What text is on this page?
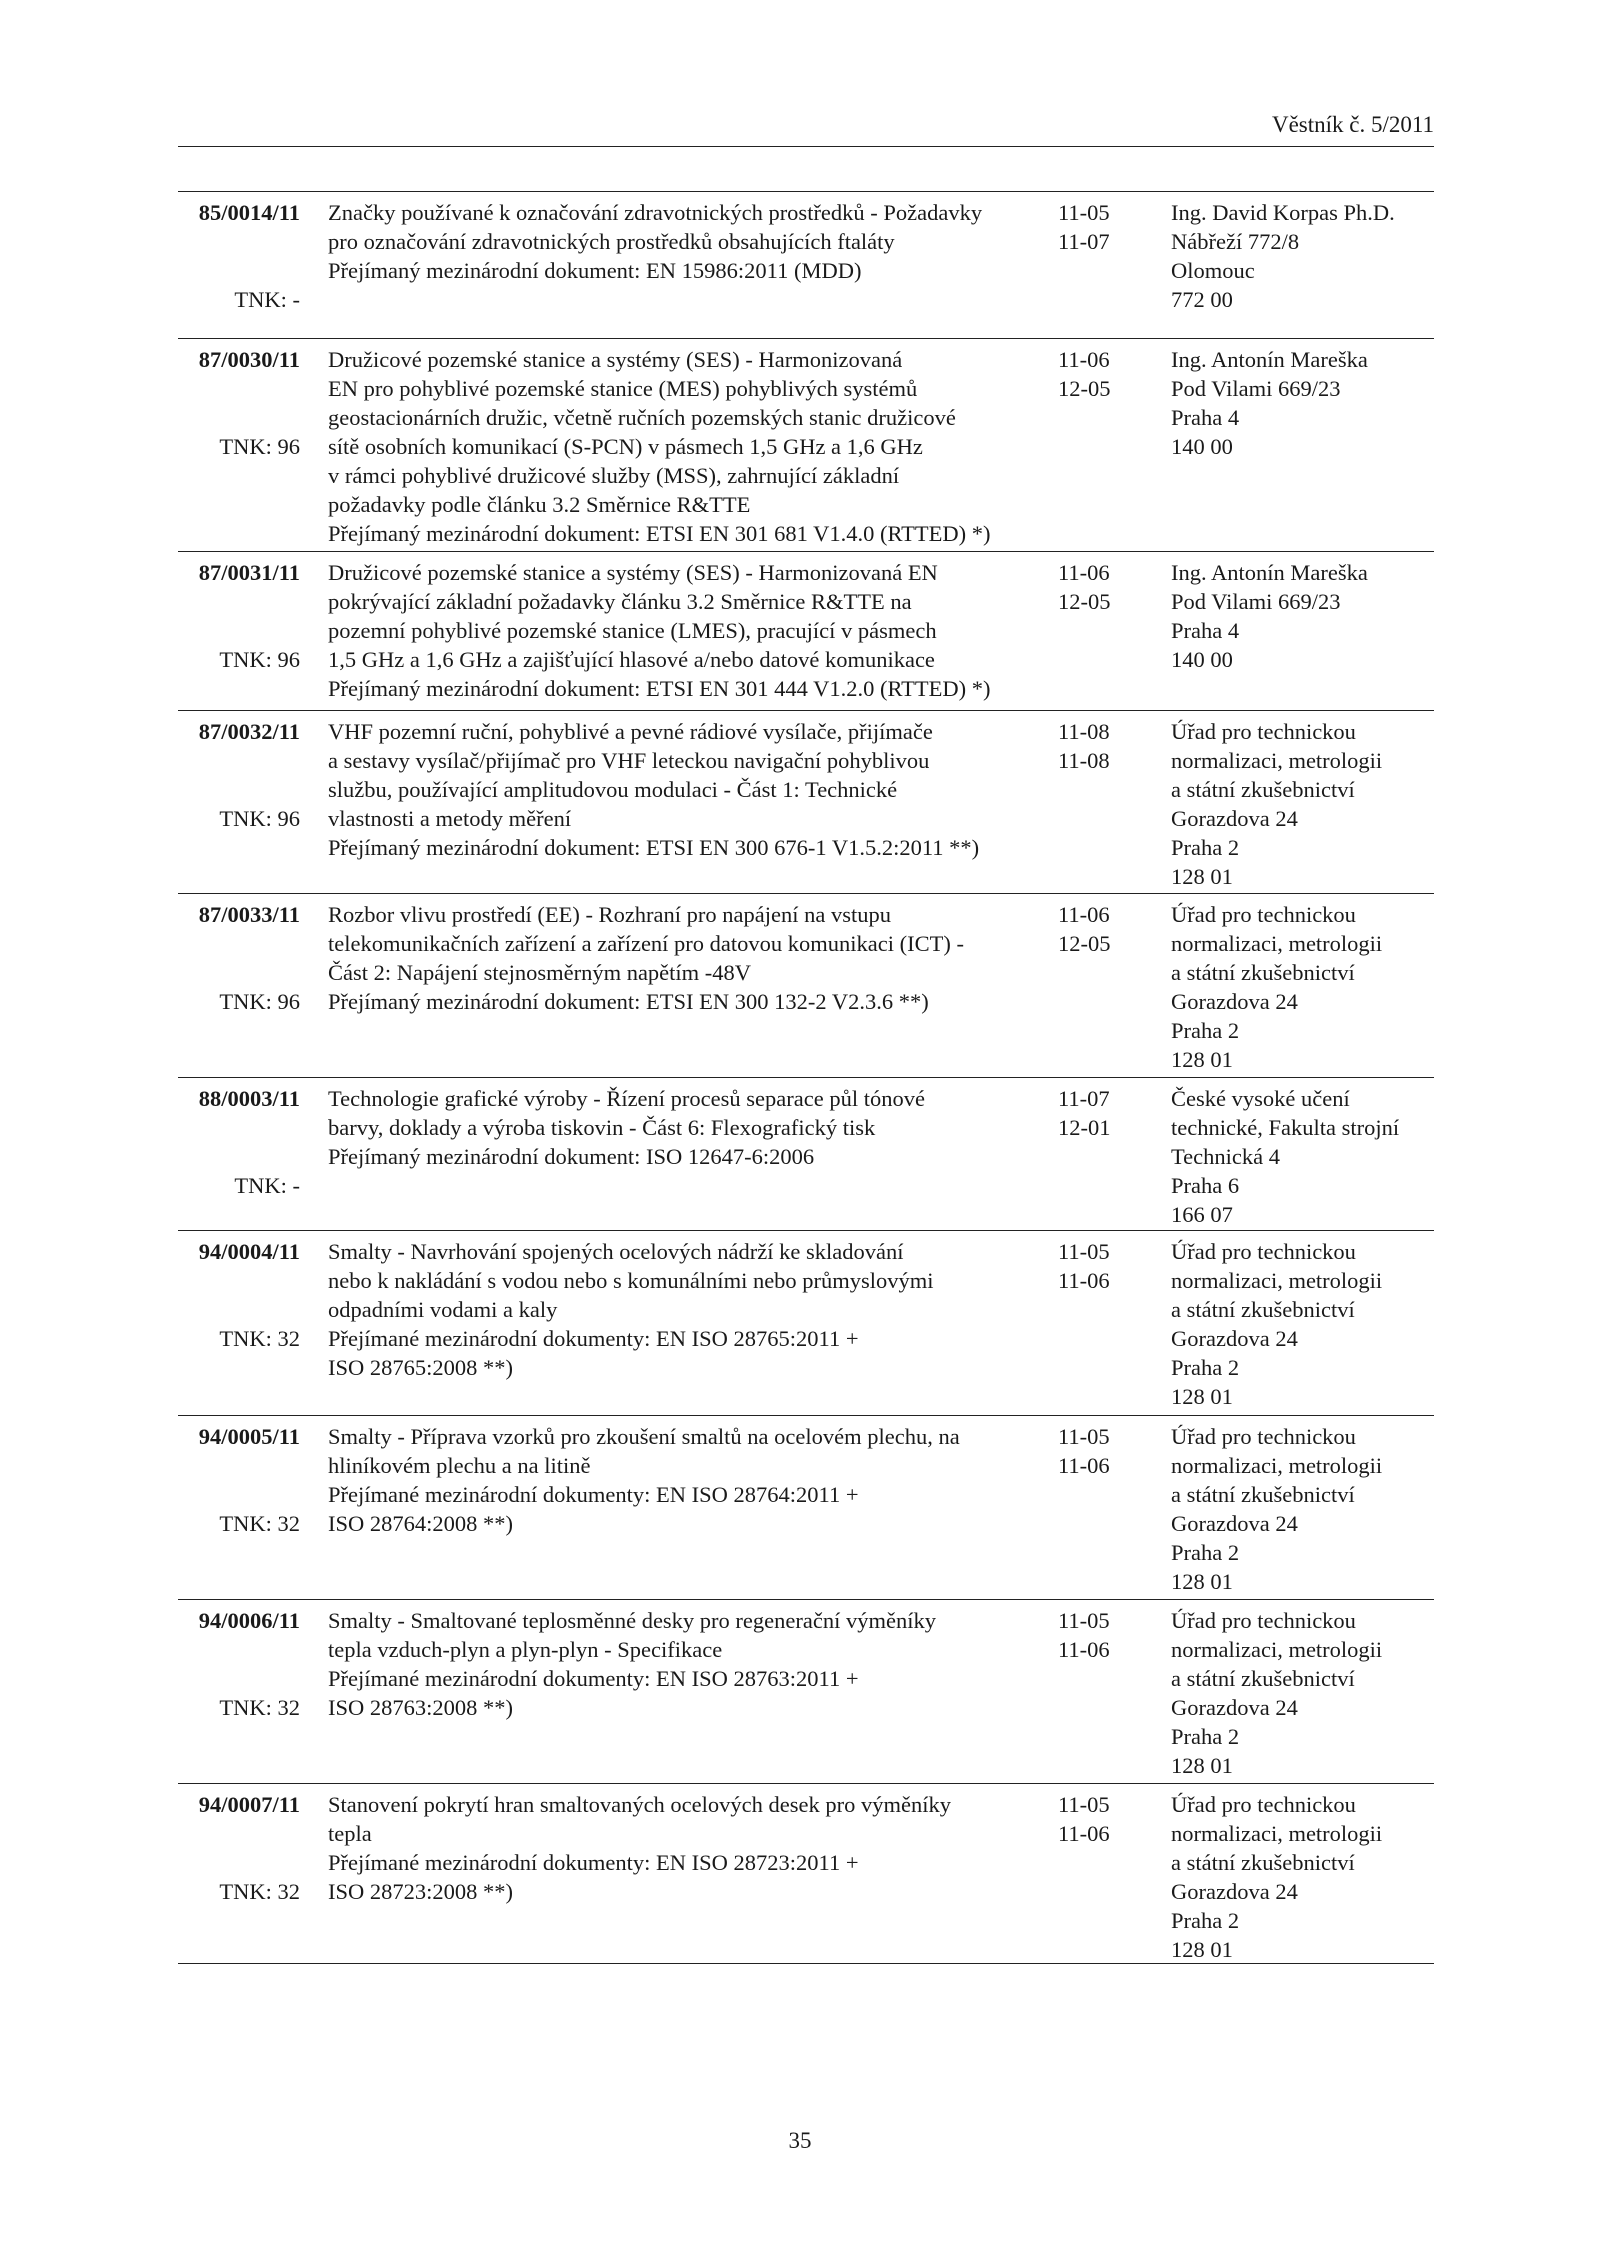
Věstník č. 5/2011
85/0014/11
TNK: -
Značky používané k označování zdravotnických prostředků - Požadavky
pro označování zdravotnických prostředků obsahujících ftaláty
Přejímaný mezinárodní dokument: EN 15986:2011 (MDD)
11-05
11-07
Ing. David Korpas Ph.D.
Nábřeží 772/8
Olomouc
772 00
87/0030/11
TNK: 96
Družicové pozemské stanice a systémy (SES) - Harmonizovaná
EN pro pohyblivé pozemské stanice (MES) pohyblivých systémů
geostacionárních družic, včetně ručních pozemských stanic družicové
sítě osobních komunikací (S-PCN) v pásmech 1,5 GHz a 1,6 GHz
v rámci pohyblivé družicové služby (MSS), zahrnující základní
požadavky podle článku 3.2 Směrnice R&TTE
Přejímaný mezinárodní dokument: ETSI EN 301 681 V1.4.0 (RTTED) *)
11-06
12-05
Ing. Antonín Mareška
Pod Vilami 669/23
Praha 4
140 00
87/0031/11
TNK: 96
Družicové pozemské stanice a systémy (SES) - Harmonizovaná EN
pokrývající základní požadavky článku 3.2 Směrnice R&TTE na
pozemní pohyblivé pozemské stanice (LMES), pracující v pásmech
1,5 GHz a 1,6 GHz a zajišťující hlasové a/nebo datové komunikace
Přejímaný mezinárodní dokument: ETSI EN 301 444 V1.2.0 (RTTED) *)
11-06
12-05
Ing. Antonín Mareška
Pod Vilami 669/23
Praha 4
140 00
87/0032/11
TNK: 96
VHF pozemní ruční, pohyblivé a pevné rádiové vysílače, přijímače
a sestavy vysílač/přijímač pro VHF leteckou navigační pohyblivou
službu, používající amplitudovou modulaci - Část 1: Technické
vlastnosti a metody měření
Přejímaný mezinárodní dokument: ETSI EN 300 676-1 V1.5.2:2011 **)
11-08
11-08
Úřad pro technickou
normalizaci, metrologii
a státní zkušebnictví
Gorazdova 24
Praha 2
128 01
87/0033/11
TNK: 96
Rozbor vlivu prostředí (EE) - Rozhraní pro napájení na vstupu
telekomunikačních zařízení a zařízení pro datovou komunikaci (ICT) -
Část 2: Napájení stejnosměrným napětím -48V
Přejímaný mezinárodní dokument: ETSI EN 300 132-2 V2.3.6 **)
11-06
12-05
Úřad pro technickou
normalizaci, metrologii
a státní zkušebnictví
Gorazdova 24
Praha 2
128 01
88/0003/11
TNK: -
Technologie grafické výroby - Řízení procesů separace půl tónové
barvy, doklady a výroba tiskovin - Část 6: Flexografický tisk
Přejímaný mezinárodní dokument: ISO 12647-6:2006
11-07
12-01
České vysoké učení
technické, Fakulta strojní
Technická 4
Praha 6
166 07
94/0004/11
TNK: 32
Smalty - Navrhování spojených ocelových nádrží ke skladování
nebo k nakládání s vodou nebo s komunálními nebo průmyslovými
odpadními vodami a kaly
Přejímané mezinárodní dokumenty: EN ISO 28765:2011 +
ISO 28765:2008 **)
11-05
11-06
Úřad pro technickou
normalizaci, metrologii
a státní zkušebnictví
Gorazdova 24
Praha 2
128 01
94/0005/11
TNK: 32
Smalty - Příprava vzorků pro zkoušení smaltů na ocelovém plechu, na
hliníkovém plechu a na litině
Přejímané mezinárodní dokumenty: EN ISO 28764:2011 +
ISO 28764:2008 **)
11-05
11-06
Úřad pro technickou
normalizaci, metrologii
a státní zkušebnictví
Gorazdova 24
Praha 2
128 01
94/0006/11
TNK: 32
Smalty - Smaltované teplosměnné desky pro regenerační výměníky
tepla vzduch-plyn a plyn-plyn - Specifikace
Přejímané mezinárodní dokumenty: EN ISO 28763:2011 +
ISO 28763:2008 **)
11-05
11-06
Úřad pro technickou
normalizaci, metrologii
a státní zkušebnictví
Gorazdova 24
Praha 2
128 01
94/0007/11
TNK: 32
Stanovení pokrytí hran smaltovaných ocelových desek pro výměníky
tepla
Přejímané mezinárodní dokumenty: EN ISO 28723:2011 +
ISO 28723:2008 **)
11-05
11-06
Úřad pro technickou
normalizaci, metrologii
a státní zkušebnictví
Gorazdova 24
Praha 2
128 01
35
